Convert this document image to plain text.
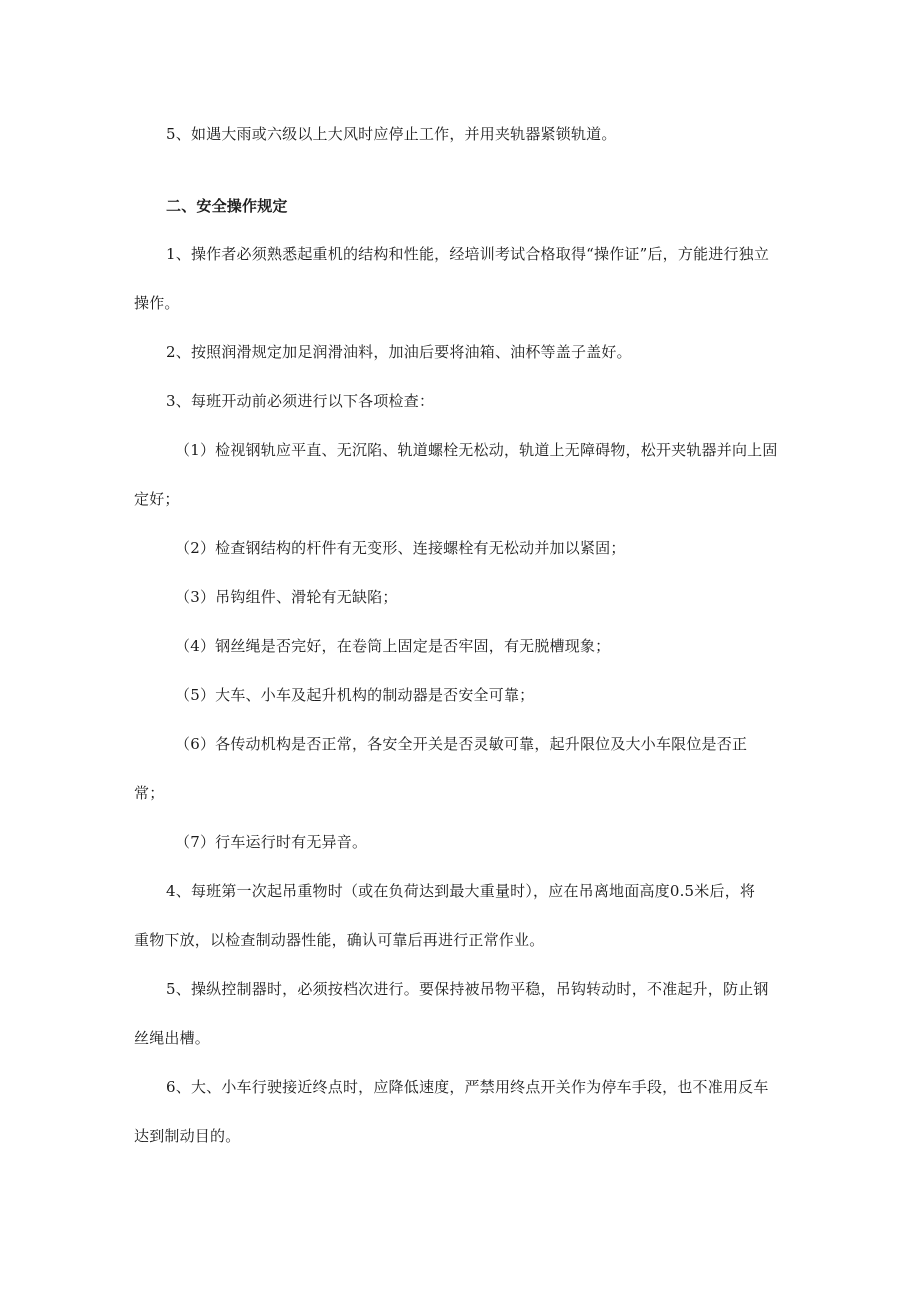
5、如遇大雨或六级以上大风时应停止工作，并用夹轨器紧锁轨道。
二、安全操作规定
1、操作者必须熟悉起重机的结构和性能，经培训考试合格取得“操作证”后，方能进行独立
操作。
2、按照润滑规定加足润滑油料，加油后要将油箱、油杯等盖子盖好。
3、每班开动前必须进行以下各项检查：
（1）检视钢轨应平直、无沉陷、轨道螺栓无松动，轨道上无障碍物，松开夹轨器并向上固
定好；
（2）检查钢结构的杆件有无变形、连接螺栓有无松动并加以紧固；
（3）吊钩组件、滑轮有无缺陷；
（4）钢丝绳是否完好，在卷筒上固定是否牢固，有无脱槽现象；
（5）大车、小车及起升机构的制动器是否安全可靠；
（6）各传动机构是否正常，各安全开关是否灵敏可靠，起升限位及大小车限位是否正
常；
（7）行车运行时有无异音。
4、每班第一次起吊重物时（或在负荷达到最大重量时），应在吊离地面高度0.5米后，将
重物下放，以检查制动器性能，确认可靠后再进行正常作业。
5、操纵控制器时，必须按档次进行。要保持被吊物平稳，吊钩转动时，不准起升，防止钢
丝绳出槽。
6、大、小车行驶接近终点时，应降低速度，严禁用终点开关作为停车手段，也不准用反车
达到制动目的。
